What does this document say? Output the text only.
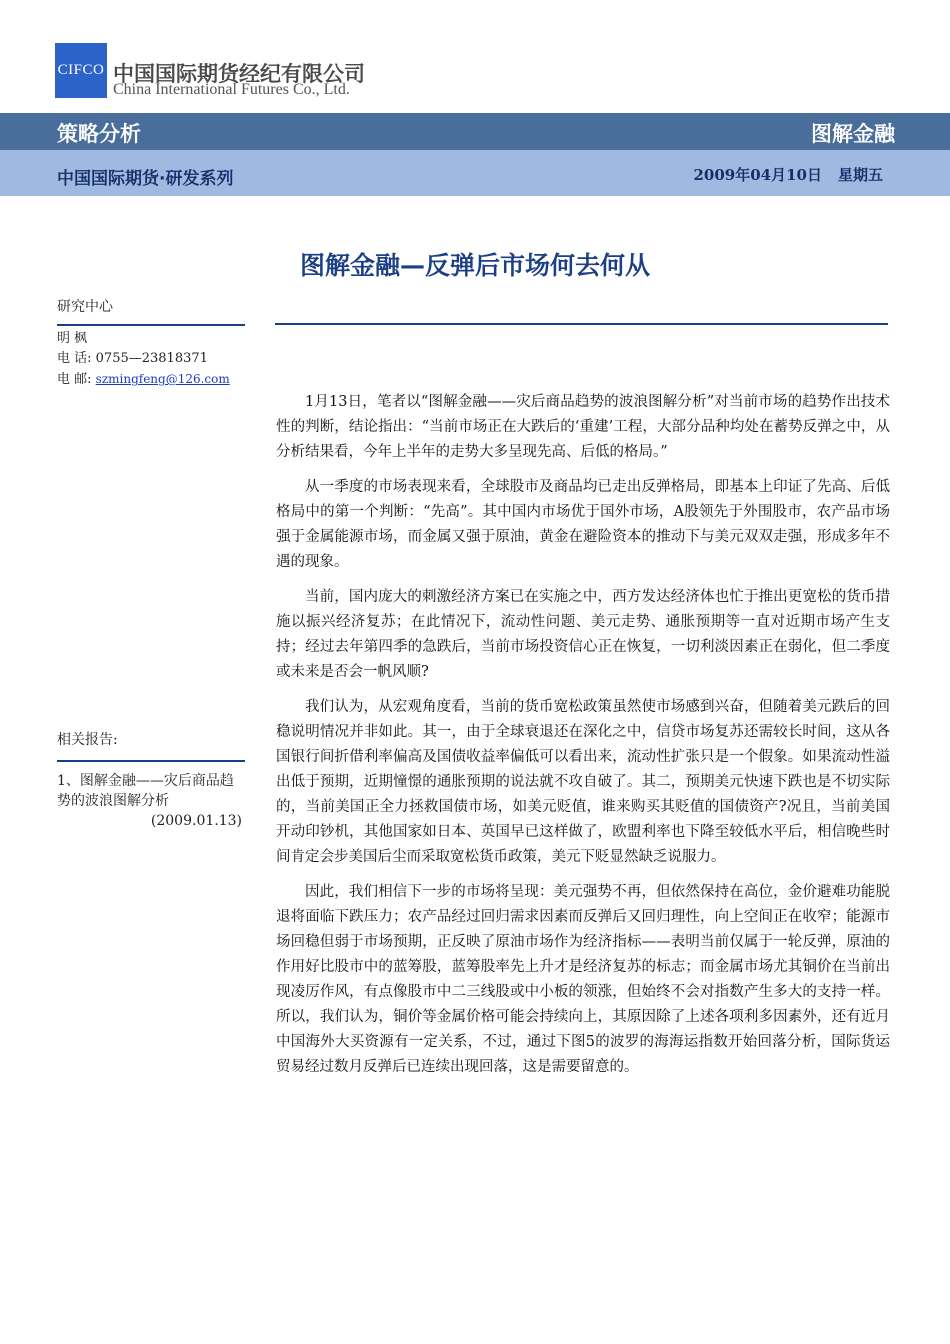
CIFCO 中国国际期货经纪有限公司
China International Futures Co., Ltd.
策略分析	图解金融
中国国际期货·研发系列	2009年04月10日 星期五
图解金融—反弹后市场何去何从
研究中心
明 枫
电 话: 0755—23818371
电 邮: szmingfeng@126.com
相关报告:
1、图解金融——灾后商品趋势的波浪图解分析
(2009.01.13)

1月13日，笔者以“图解金融——灾后商品趋势的波浪图解分析”对当前市场的趋势作出技术性的判断，结论指出：“当前市场正在大跌后的‘重建’工程，大部分品种均处在蓄势反弹之中，从分析结果看，今年上半年的走势大多呈现先高、后低的格局。”

从一季度的市场表现来看，全球股市及商品均已走出反弹格局，即基本上印证了先高、后低格局中的第一个判断：“先高”。其中国内市场优于国外市场，A股领先于外围股市，农产品市场强于金属能源市场，而金属又强于原油，黄金在避险资本的推动下与美元双双走强，形成多年不遇的现象。

当前，国内庞大的刺激经济方案已在实施之中，西方发达经济体也忙于推出更宽松的货币措施以振兴经济复苏；在此情况下，流动性问题、美元走势、通胀预期等一直对近期市场产生支持；经过去年第四季的急跌后，当前市场投资信心正在恢复，一切利淡因素正在弱化，但二季度或未来是否会一帆风顺?

我们认为，从宏观角度看，当前的货币宽松政策虽然使市场感到兴奋，但随着美元跌后的回稳说明情况并非如此。其一，由于全球衰退还在深化之中，信贷市场复苏还需较长时间，这从各国银行间折借利率偏高及国债收益率偏低可以看出来，流动性扩张只是一个假象。如果流动性溢出低于预期，近期憧憬的通胀预期的说法就不攻自破了。其二，预期美元快速下跌也是不切实际的，当前美国正全力拯救国债市场，如美元贬值，谁来购买其贬值的国债资产?况且，当前美国开动印钞机，其他国家如日本、英国早已这样做了，欧盟利率也下降至较低水平后，相信晚些时间肯定会步美国后尘而采取宽松货币政策，美元下贬显然缺乏说服力。

因此，我们相信下一步的市场将呈现：美元强势不再，但依然保持在高位，金价避难功能脱退将面临下跌压力；农产品经过回归需求因素而反弹后又回归理性，向上空间正在收窄；能源市场回稳但弱于市场预期，正反映了原油市场作为经济指标——表明当前仅属于一轮反弹，原油的作用好比股市中的蓝筹股，蓝筹股率先上升才是经济复苏的标志；而金属市场尤其铜价在当前出现凌厉作风，有点像股市中二三线股或中小板的领涨，但始终不会对指数产生多大的支持一样。所以，我们认为，铜价等金属价格可能会持续向上，其原因除了上述各项利多因素外，还有近月中国海外大买资源有一定关系，不过，通过下图5的波罗的海海运指数开始回落分析，国际货运贸易经过数月反弹后已连续出现回落，这是需要留意的。
